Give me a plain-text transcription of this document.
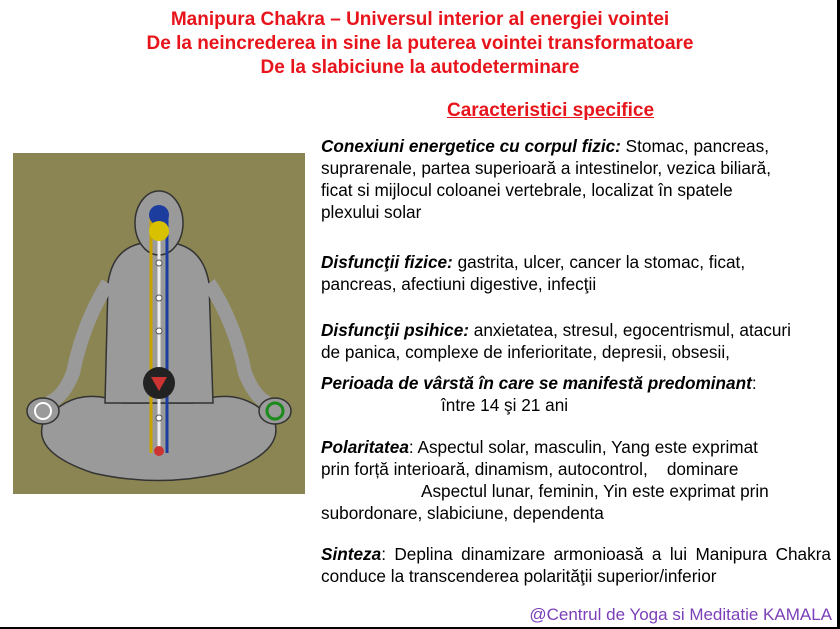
Manipura Chakra – Universul interior al energiei vointei
De la neincrederea in sine la puterea vointei transformatoare
De la slabiciune la autodeterminare
Caracteristici specifice
Conexiuni energetice cu corpul fizic: Stomac, pancreas,
suprarenale, partea superioară a intestinelor, vezica biliară,
ficat si mijlocul coloanei vertebrale, localizat în spatele
plexului solar
Disfuncţii fizice: gastrita, ulcer, cancer la stomac, ficat,
pancreas, afectiuni digestive, infecţii
Disfuncţii psihice: anxietatea, stresul, egocentrismul, atacuri
de panica, complexe de inferioritate, depresii, obsesii,
Perioada de vârstă în care se manifestă predominant:
între 14 şi 21 ani
Polaritatea: Aspectul solar, masculin, Yang este exprimat
prin forță interioară, dinamism, autocontrol,    dominare
Aspectul lunar, feminin, Yin este exprimat prin
subordonare, slabiciune, dependenta
Sinteza: Deplina dinamizare armonioasă a lui Manipura Chakra conduce la transcenderea polarităţii superior/inferior
@Centrul de Yoga si Meditatie KAMALA
